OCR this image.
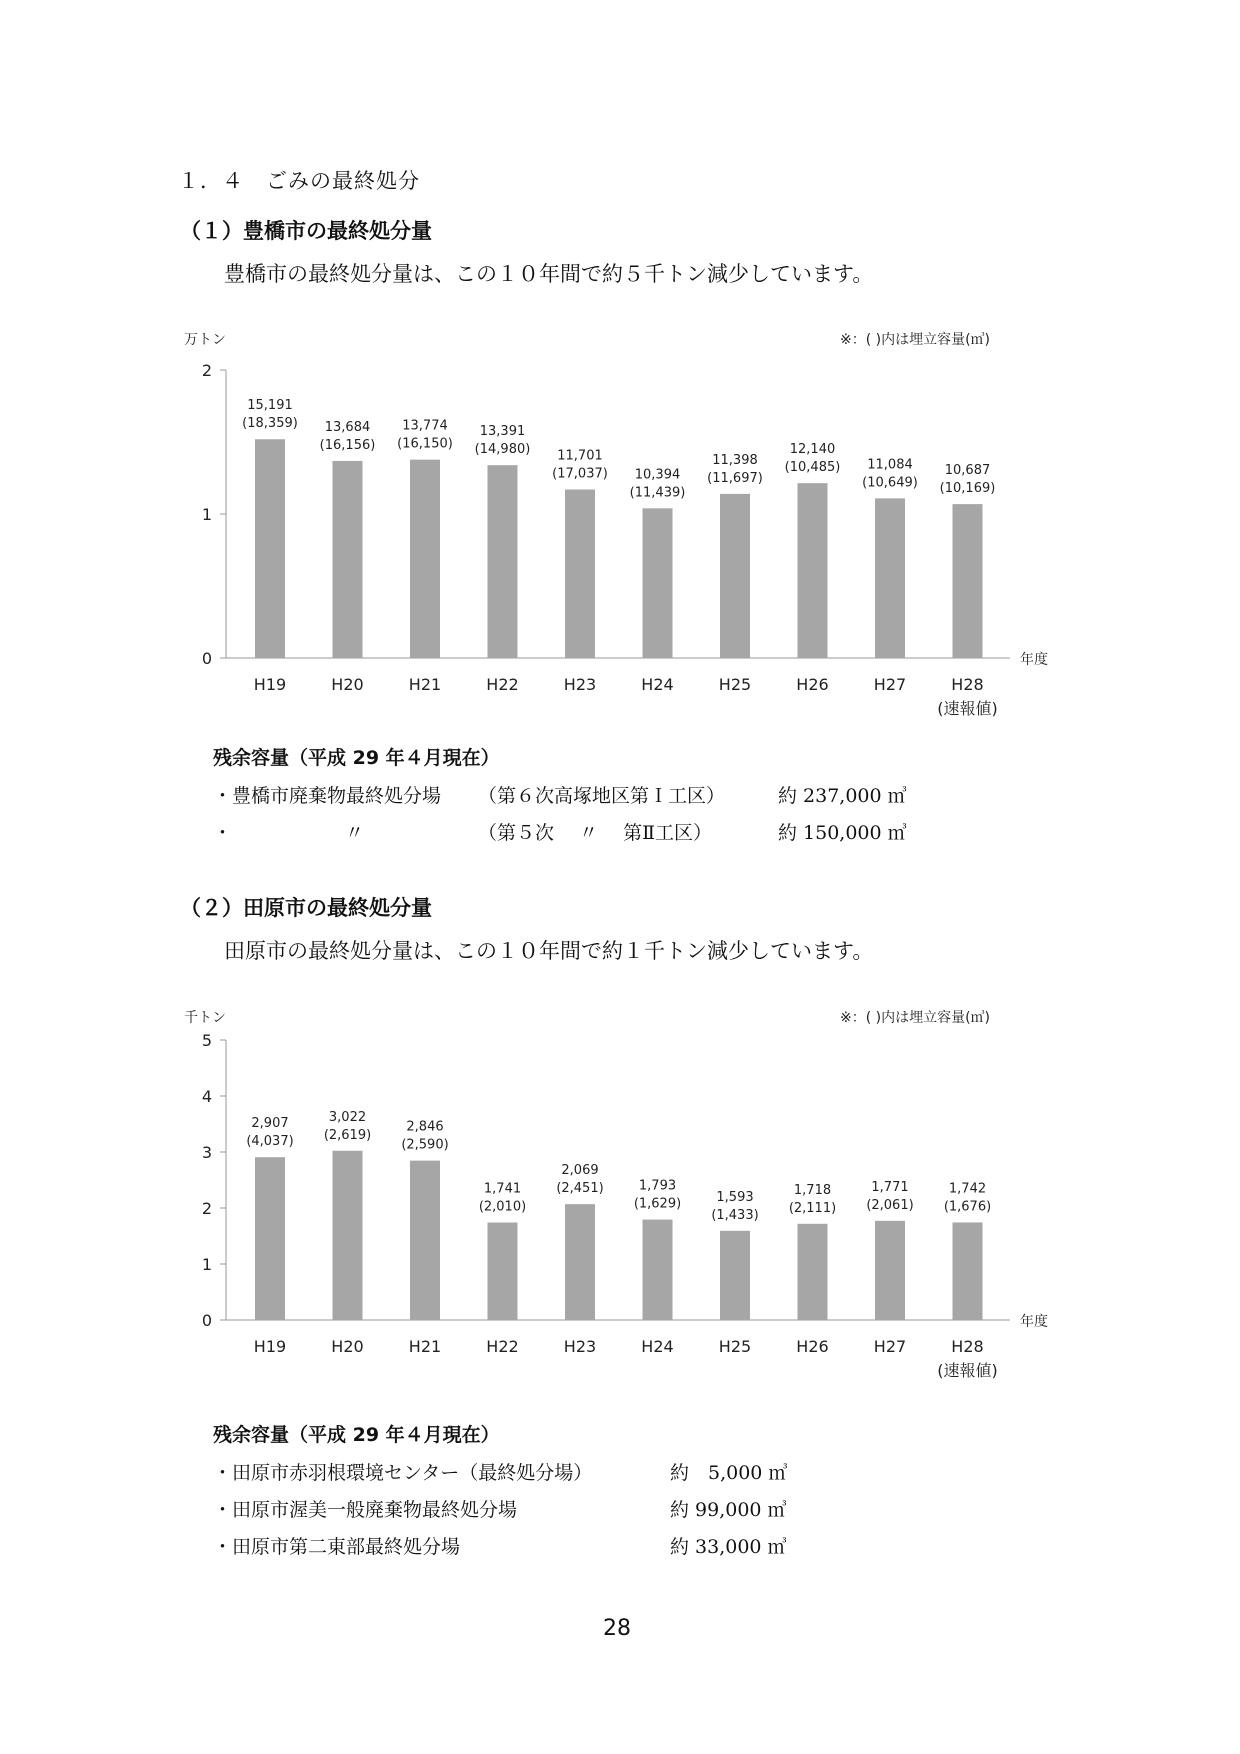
１．４　ごみの最終処分
（１）豊橋市の最終処分量
豊橋市の最終処分量は、この１０年間で約５千トン減少しています。
万トン	※：( )内は埋立容量(㎥)
0
1
2
年度
15,191
(18,359)
H19
13,684
(16,156)
H20
13,774
(16,150)
H21
13,391
(14,980)
H22
11,701
(17,037)
H23
10,394
(11,439)
H24
11,398
(11,697)
H25
12,140
(10,485)
H26
11,084
(10,649)
H27
10,687
(10,169)
H28
(速報値)
残余容量（平成 29 年４月現在）
・豊橋市廃棄物最終処分場 （第６次高塚地区第Ｉ工区）	約 237,000 ㎥
・	〃	（第５次　 〃　 第Ⅱ工区）	約 150,000 ㎥
（２）田原市の最終処分量
田原市の最終処分量は、この１０年間で約１千トン減少しています。
千トン	※：( )内は埋立容量(㎥)
0
1
2
3
4
5
年度
2,907
(4,037)
H19
3,022
(2,619)
H20
2,846
(2,590)
H21
1,741
(2,010)
H22
2,069
(2,451)
H23
1,793
(1,629)
H24
1,593
(1,433)
H25
1,718
(2,111)
H26
1,771
(2,061)
H27
1,742
(1,676)
H28
(速報値)
残余容量（平成 29 年４月現在）
・田原市赤羽根環境センター（最終処分場）	約　5,000 ㎥
・田原市渥美一般廃棄物最終処分場	約 99,000 ㎥
・田原市第二東部最終処分場	約 33,000 ㎥
28
